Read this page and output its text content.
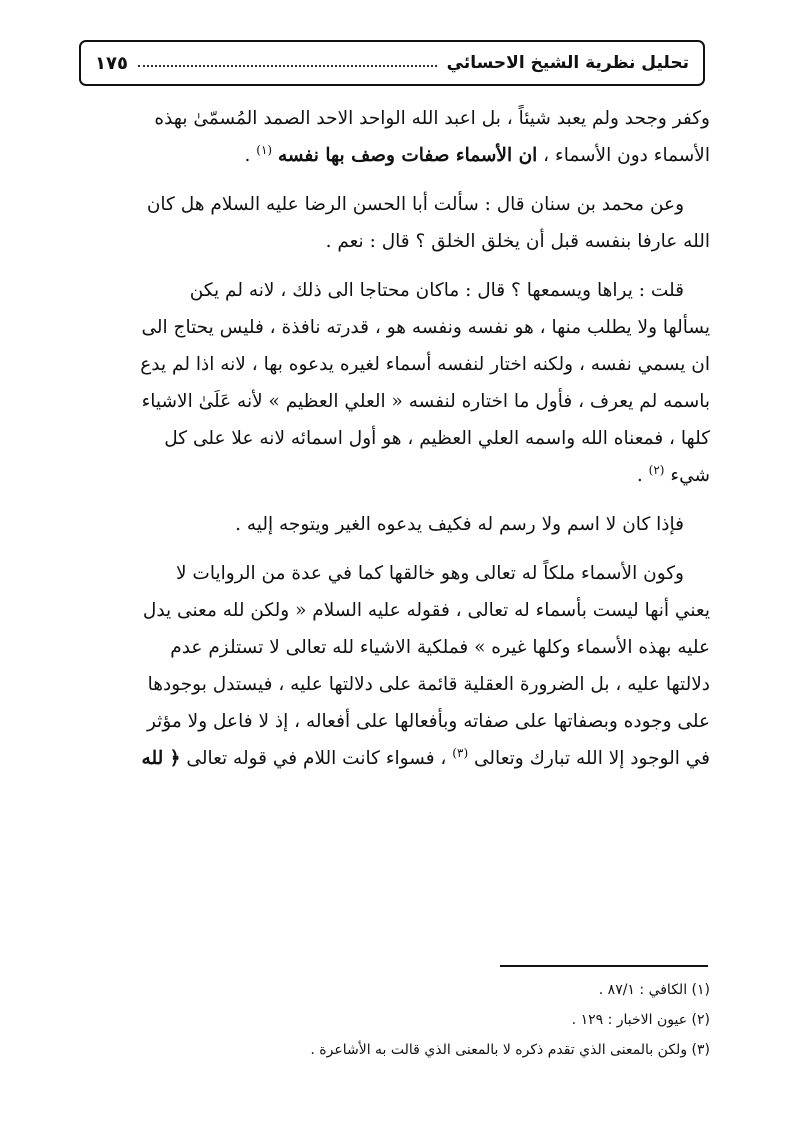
تحليل نظرية الشيخ الاحسائي
١٧٥

وكفر وجحد ولم يعبد شيئاً ، بل اعبد الله الواحد الاحد الصمد المُسمّىٰ بهذه

الأسماء دون الأسماء ، ان الأسماء صفات وصف بها نفسه $^{(١)}$ .

وعن محمد بن سنان قال : سألت أبا الحسن الرضا عليه السلام هل كان

الله عارفا بنفسه قبل أن يخلق الخلق ؟ قال : نعم .

قلت : يراها ويسمعها ؟ قال : ماكان محتاجا الى ذلك ، لانه لم يكن

يسألها ولا يطلب منها ، هو نفسه ونفسه هو ، قدرته نافذة ، فليس يحتاج الى

ان يسمي نفسه ، ولكنه اختار لنفسه أسماء لغيره يدعوه بها ، لانه اذا لم يدع

باسمه لم يعرف ، فأول ما اختاره لنفسه « العلي العظيم » لأنه عَلَىٰ الاشياء

كلها ، فمعناه الله واسمه العلي العظيم ، هو أول اسمائه لانه علا على كل

شيء $^{(٢)}$ .

فإذا كان لا اسم ولا رسم له فكيف يدعوه الغير ويتوجه إليه .

وكون الأسماء ملكاً له تعالى وهو خالقها كما في عدة من الروايات لا

يعني أنها ليست بأسماء له تعالى ، فقوله عليه السلام « ولكن لله معنى يدل

عليه بهذه الأسماء وكلها غيره » فملكية الاشياء لله تعالى لا تستلزم عدم

دلالتها عليه ، بل الضرورة العقلية قائمة على دلالتها عليه ، فيستدل بوجودها

على وجوده وبصفاتها على صفاته وبأفعالها على أفعاله ، إذ لا فاعل ولا مؤثر

في الوجود إلا الله تبارك وتعالى $^{(٣)}$ ، فسواء كانت اللام في قوله تعالى ﴿ لله

(١) الكافي : ٨٧/١ .
(٢) عيون الاخبار : ١٢٩ .
(٣) ولكن بالمعنى الذي تقدم ذكره لا بالمعنى الذي قالت به الأشاعرة .
